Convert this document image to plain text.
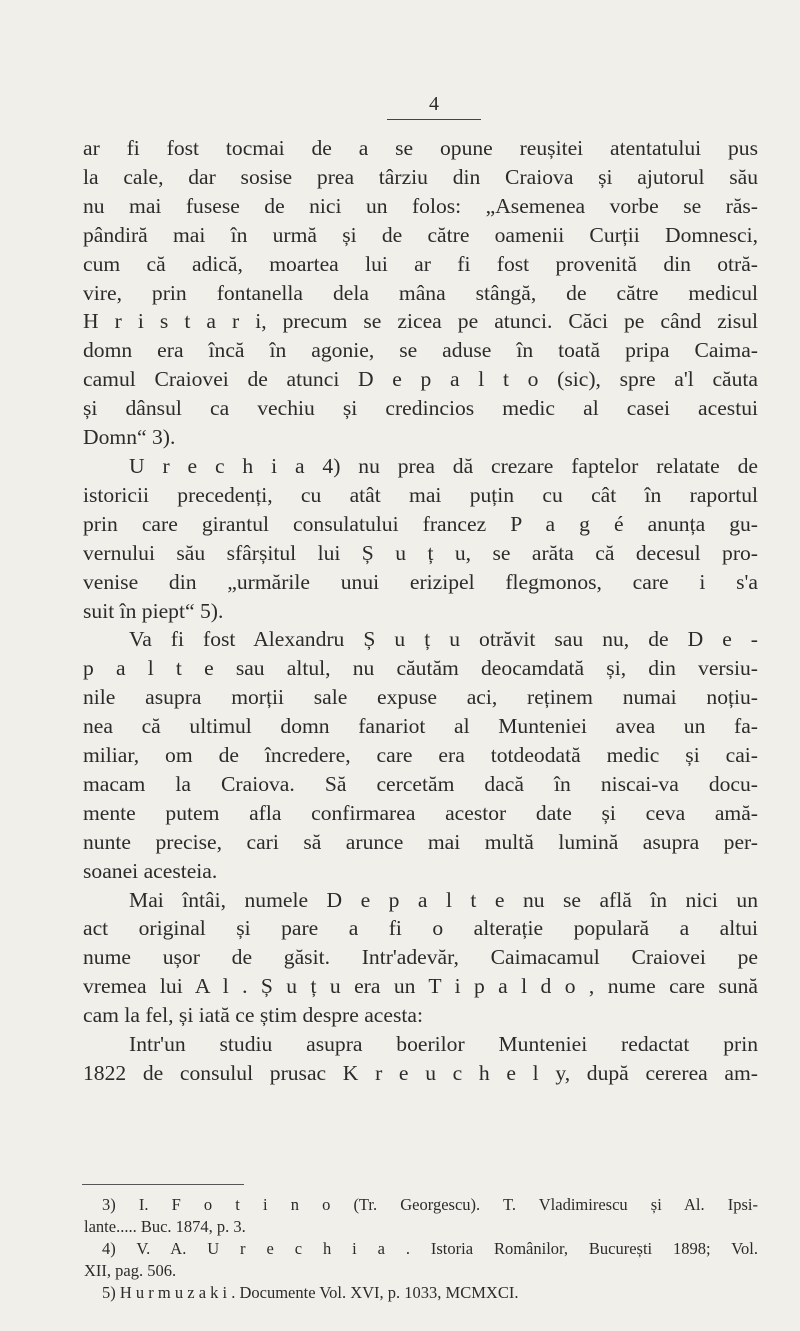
4
ar fi fost tocmai de a se opune reușitei atentatului pus
la cale, dar sosise prea târziu din Craiova și ajutorul său
nu mai fusese de nici un folos: „Asemenea vorbe se răs-
pândiră mai în urmă și de către oamenii Curții Domnesci,
cum că adică, moartea lui ar fi fost provenită din otră-
vire, prin fontanella dela mâna stângă, de către medicul
H r i s t a r i, precum se zicea pe atunci. Căci pe când zisul
domn era încă în agonie, se aduse în toată pripa Caima-
camul Craiovei de atunci D e p a l t o (sic), spre a'l căuta
și dânsul ca vechiu și credincios medic al casei acestui
Domn“ 3).
U r e c h i a 4) nu prea dă crezare faptelor relatate de
istoricii precedenți, cu atât mai puțin cu cât în raportul
prin care girantul consulatului francez P a g é anunța gu-
vernului său sfârșitul lui Ș u ț u, se arăta că decesul pro-
venise din „urmările unui erizipel flegmonos, care i s'a
suit în piept“ 5).
Va fi fost Alexandru Ș u ț u otrăvit sau nu, de D e -
p a l t e sau altul, nu căutăm deocamdată și, din versiu-
nile asupra morții sale expuse aci, reținem numai noțiu-
nea că ultimul domn fanariot al Munteniei avea un fa-
miliar, om de încredere, care era totdeodată medic și cai-
macam la Craiova. Să cercetăm dacă în niscai-va docu-
mente putem afla confirmarea acestor date și ceva amă-
nunte precise, cari să arunce mai multă lumină asupra per-
soanei acesteia.
Mai întâi, numele D e p a l t e nu se află în nici un
act original și pare a fi o alterație populară a altui
nume ușor de găsit. Intr'adevăr, Caimacamul Craiovei pe
vremea lui A l . Ș u ț u era un T i p a l d o , nume care sună
cam la fel, și iată ce știm despre acesta:
Intr'un studiu asupra boerilor Munteniei redactat prin
1822 de consulul prusac K r e u c h e l y, după cererea am-
3) I. F o t i n o (Tr. Georgescu). T. Vladimirescu și Al. Ipsi-
lante..... Buc. 1874, p. 3.
4) V. A. U r e c h i a . Istoria Românilor, București 1898; Vol.
XII, pag. 506.
5) H u r m u z a k i . Documente Vol. XVI, p. 1033, MCMXCI.
